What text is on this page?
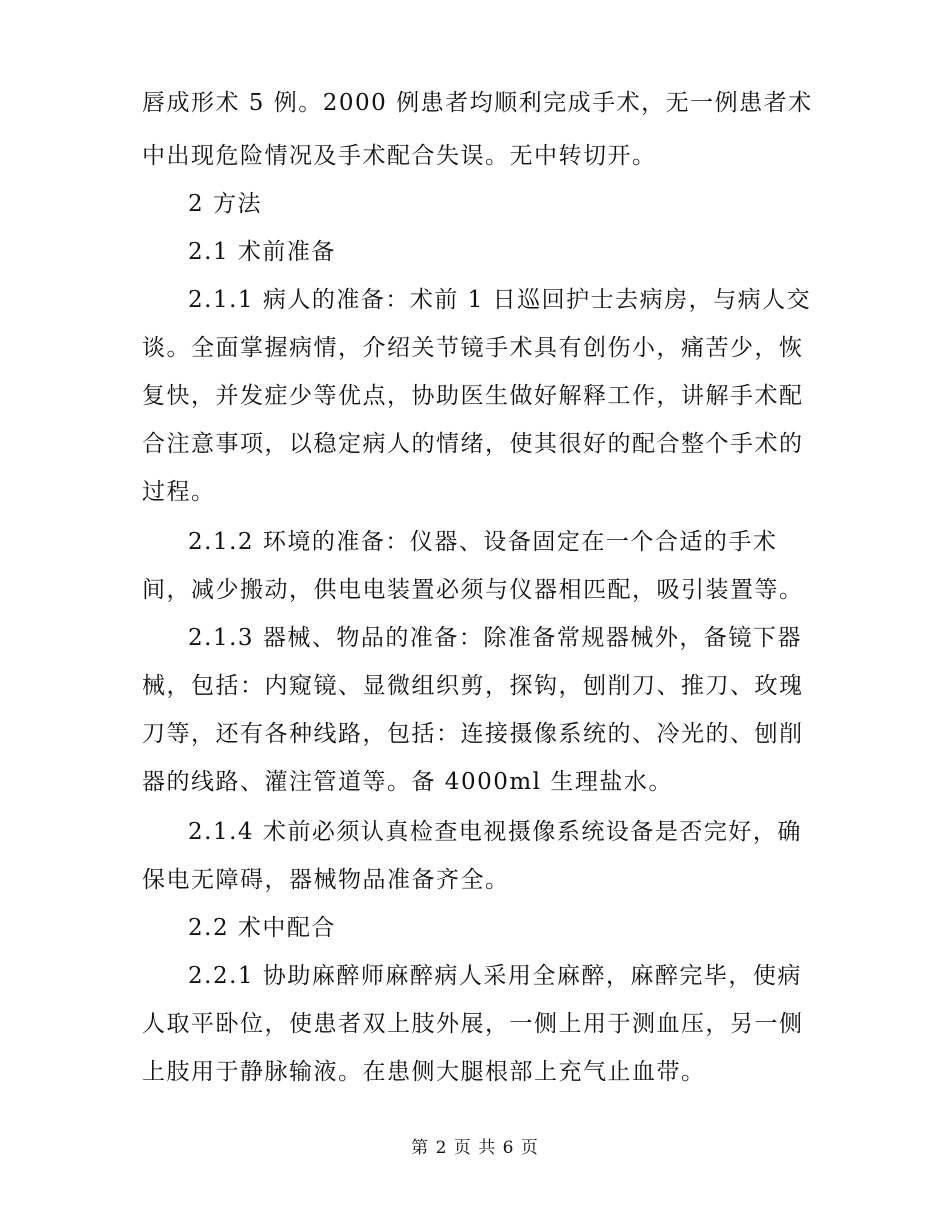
唇成形术 5 例。2000 例患者均顺利完成手术，无一例患者术
中出现危险情况及手术配合失误。无中转切开。
2 方法
2.1 术前准备
2.1.1 病人的准备：术前 1 日巡回护士去病房，与病人交
谈。全面掌握病情，介绍关节镜手术具有创伤小，痛苦少，恢
复快，并发症少等优点，协助医生做好解释工作，讲解手术配
合注意事项，以稳定病人的情绪，使其很好的配合整个手术的
过程。
2.1.2 环境的准备：仪器、设备固定在一个合适的手术
间，减少搬动，供电电装置必须与仪器相匹配，吸引装置等。
2.1.3 器械、物品的准备：除准备常规器械外，备镜下器
械，包括：内窥镜、显微组织剪，探钩，刨削刀、推刀、玫瑰
刀等，还有各种线路，包括：连接摄像系统的、冷光的、刨削
器的线路、灌注管道等。备 4000ml 生理盐水。
2.1.4 术前必须认真检查电视摄像系统设备是否完好，确
保电无障碍，器械物品准备齐全。
2.2 术中配合
2.2.1 协助麻醉师麻醉病人采用全麻醉，麻醉完毕，使病
人取平卧位，使患者双上肢外展，一侧上用于测血压，另一侧
上肢用于静脉输液。在患侧大腿根部上充气止血带。
第 2 页 共 6 页
